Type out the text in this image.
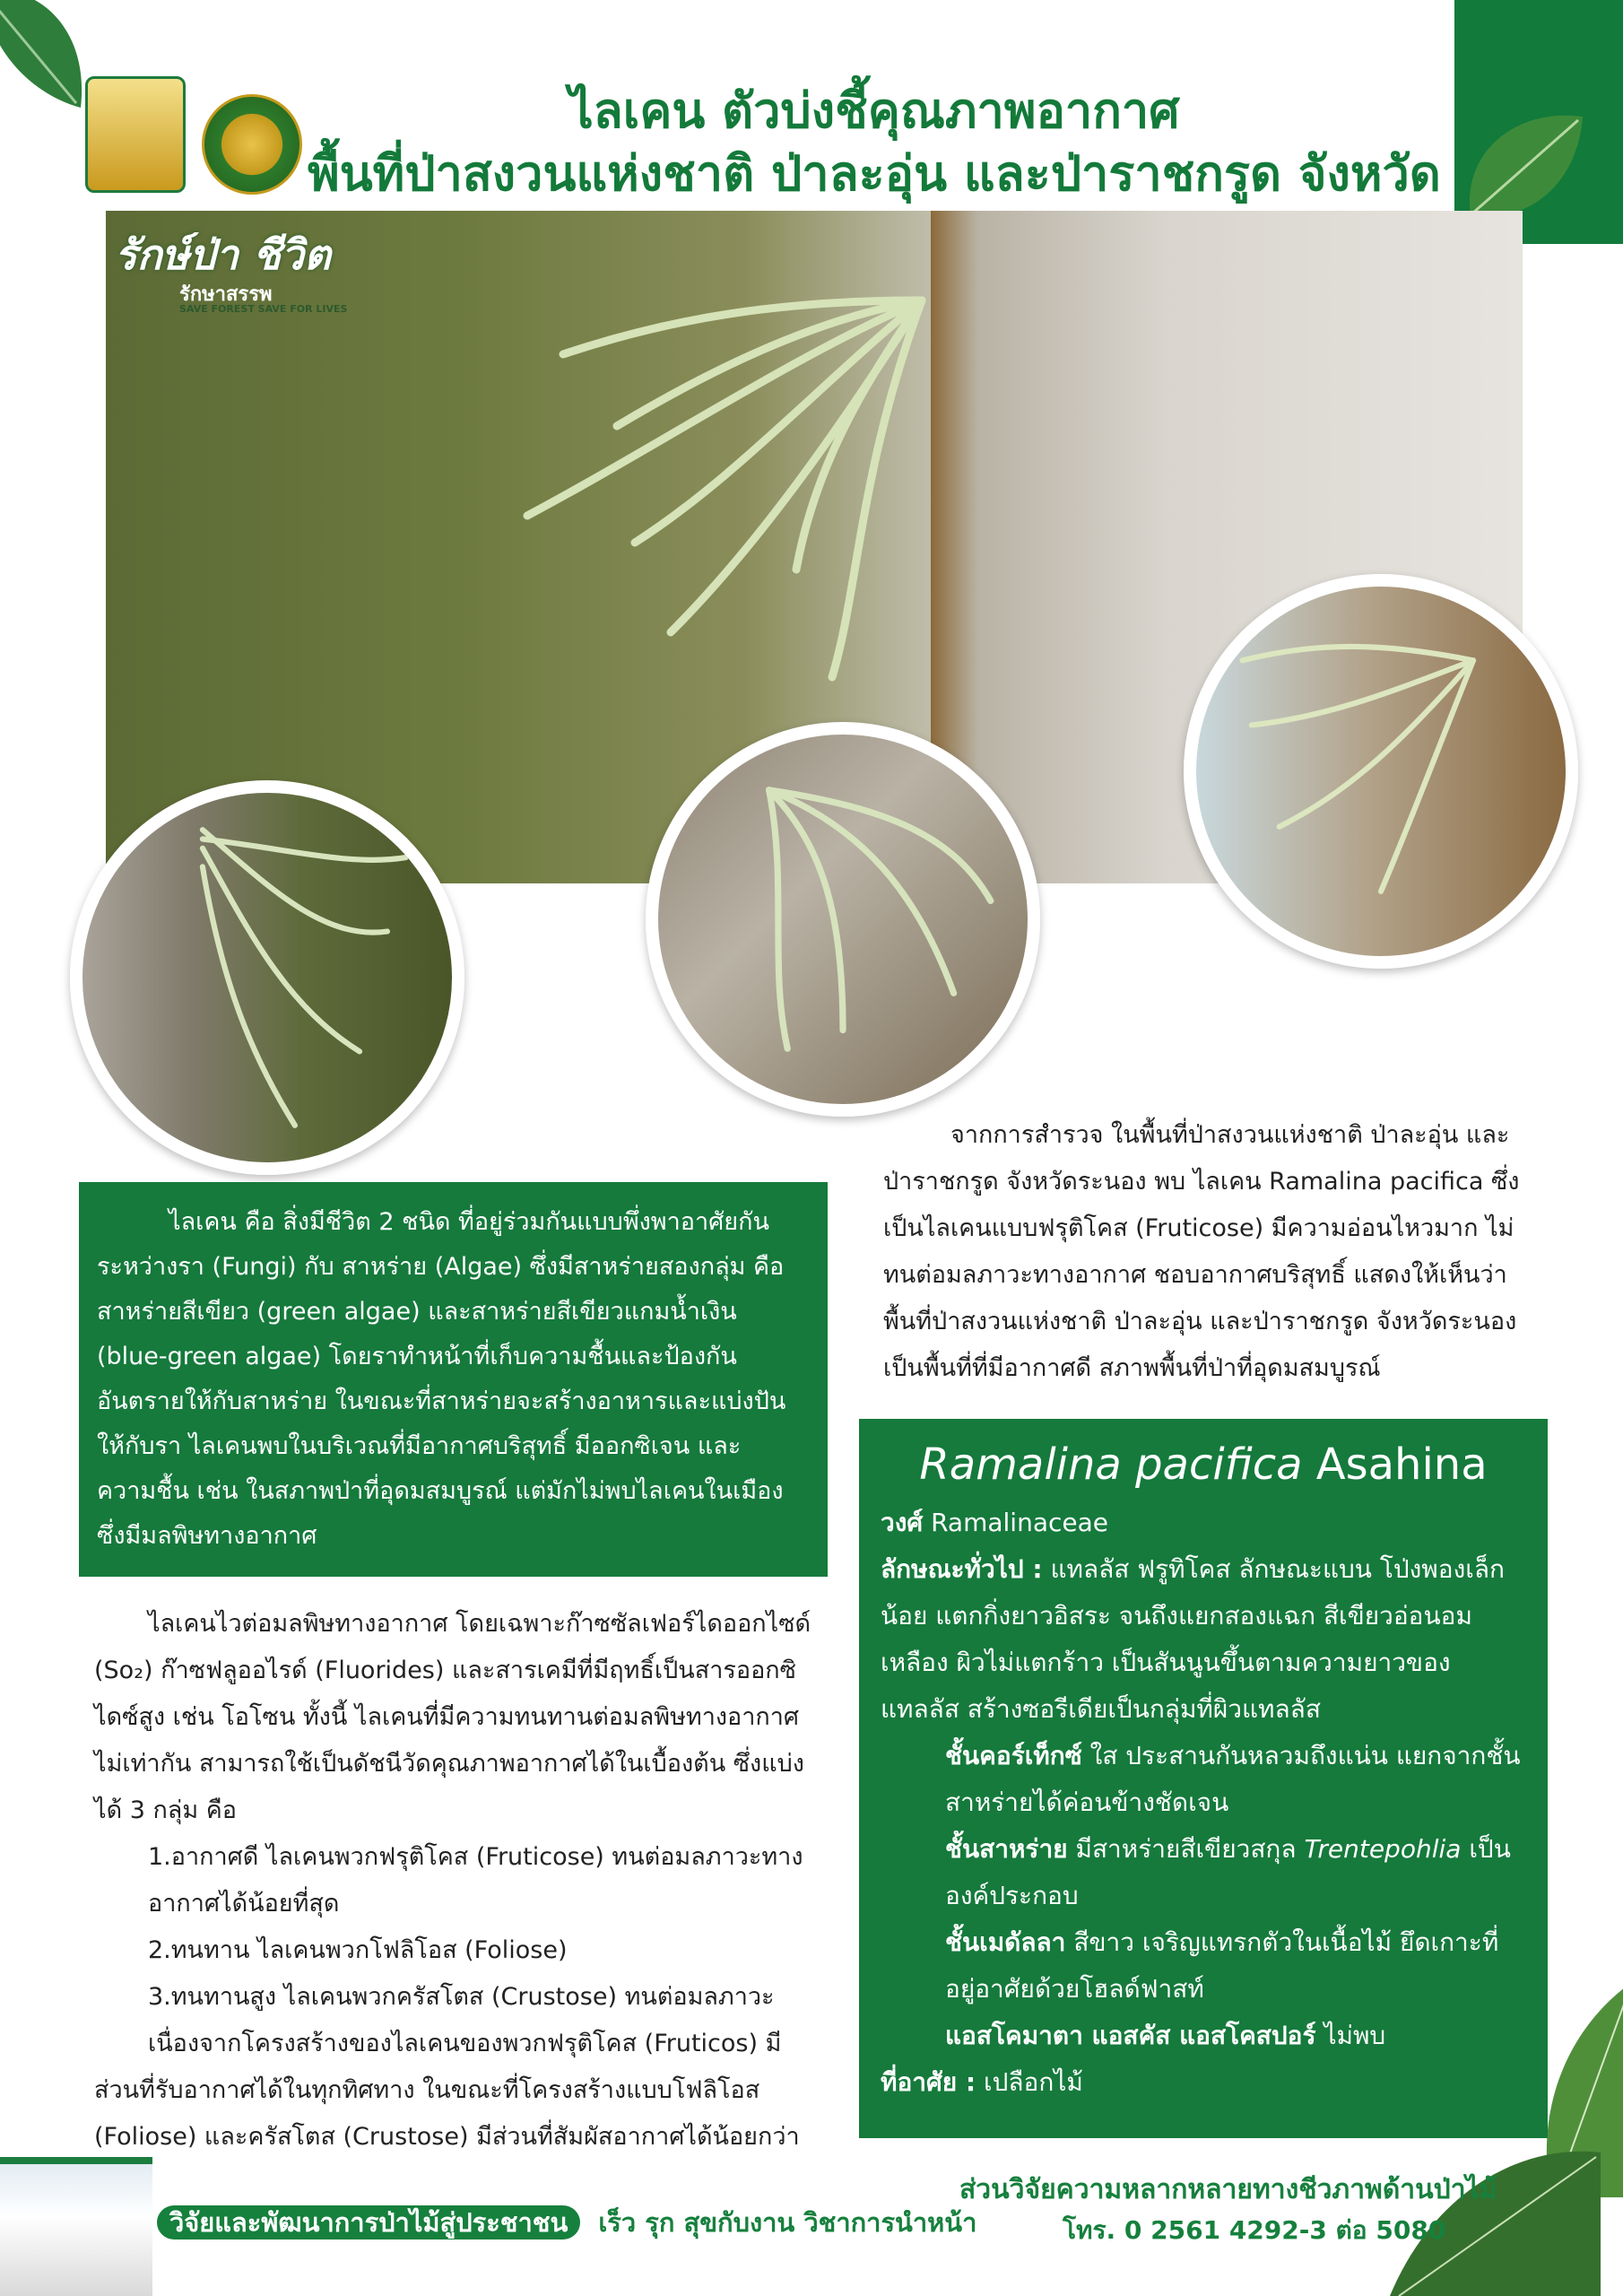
ไลเคน ตัวบ่งชี้คุณภาพอากาศ
พื้นที่ป่าสงวนแห่งชาติ ป่าละอุ่น และป่าราชกรูด จังหวัด
รักษ์ป่า ชีวิต
รักษาสรรพ
SAVE FOREST SAVE FOR LIVES
จากการสำรวจ ในพื้นที่ป่าสงวนแห่งชาติ ป่าละอุ่น และป่าราชกรูด จังหวัดระนอง พบ ไลเคน Ramalina pacifica ซึ่งเป็นไลเคนแบบฟรุติโคส (Fruticose) มีความอ่อนไหวมาก ไม่ทนต่อมลภาวะทางอากาศ ชอบอากาศบริสุทธิ์ แสดงให้เห็นว่าพื้นที่ป่าสงวนแห่งชาติ ป่าละอุ่น และป่าราชกรูด จังหวัดระนอง เป็นพื้นที่ที่มีอากาศดี สภาพพื้นที่ป่าที่อุดมสมบูรณ์

ไลเคน คือ สิ่งมีชีวิต 2 ชนิด ที่อยู่ร่วมกันแบบพึ่งพาอาศัยกัน ระหว่างรา (Fungi) กับ สาหร่าย (Algae) ซึ่งมีสาหร่ายสองกลุ่ม คือ สาหร่ายสีเขียว (green algae) และสาหร่ายสีเขียวแกมน้ำเงิน (blue-green algae) โดยราทำหน้าที่เก็บความชื้นและป้องกันอันตรายให้กับสาหร่าย ในขณะที่สาหร่ายจะสร้างอาหารและแบ่งปันให้กับรา ไลเคนพบในบริเวณที่มีอากาศบริสุทธิ์ มีออกซิเจน และความชื้น เช่น ในสภาพป่าที่อุดมสมบูรณ์ แต่มักไม่พบไลเคนในเมือง ซึ่งมีมลพิษทางอากาศ

ไลเคนไวต่อมลพิษทางอากาศ โดยเฉพาะก๊าซซัลเฟอร์ไดออกไซด์ (So₂) ก๊าซฟลูออไรด์ (Fluorides) และสารเคมีที่มีฤทธิ์เป็นสารออกซิไดซ์สูง เช่น โอโซน ทั้งนี้ ไลเคนที่มีความทนทานต่อมลพิษทางอากาศไม่เท่ากัน สามารถใช้เป็นดัชนีวัดคุณภาพอากาศได้ในเบื้องต้น ซึ่งแบ่งได้ 3 กลุ่ม คือ

1.อากาศดี ไลเคนพวกฟรุติโคส (Fruticose) ทนต่อมลภาวะทางอากาศได้น้อยที่สุด

2.ทนทาน ไลเคนพวกโฟลิโอส (Foliose)

3.ทนทานสูง ไลเคนพวกครัสโตส (Crustose) ทนต่อมลภาวะ

เนื่องจากโครงสร้างของไลเคนของพวกฟรุติโคส (Fruticos) มีส่วนที่รับอากาศได้ในทุกทิศทาง ในขณะที่โครงสร้างแบบโฟลิโอส (Foliose) และครัสโตส (Crustose) มีส่วนที่สัมผัสอากาศได้น้อยกว่า

Ramalina pacifica Asahina
วงศ์ Ramalinaceae
ลักษณะทั่วไป : แทลลัส ฟรูทิโคส ลักษณะแบน โป่งพองเล็กน้อย แตกกิ่งยาวอิสระ จนถึงแยกสองแฉก สีเขียวอ่อนอมเหลือง ผิวไม่แตกร้าว เป็นสันนูนขึ้นตามความยาวของแทลลัส สร้างซอรีเดียเป็นกลุ่มที่ผิวแทลลัส
ชั้นคอร์เท็กซ์ ใส ประสานกันหลวมถึงแน่น แยกจากชั้นสาหร่ายได้ค่อนข้างชัดเจน
ชั้นสาหร่าย มีสาหร่ายสีเขียวสกุล Trentepohlia เป็นองค์ประกอบ
ชั้นเมดัลลา สีขาว เจริญแทรกตัวในเนื้อไม้ ยึดเกาะที่อยู่อาศัยด้วยโฮลด์ฟาสท์
แอสโคมาตา แอสคัส แอสโคสปอร์ ไม่พบ
ที่อาศัย : เปลือกไม้
วิจัยและพัฒนาการป่าไม้สู่ประชาชน เร็ว รุก สุขกับงาน วิชาการนำหน้า
ส่วนวิจัยความหลากหลายทางชีวภาพด้านป่าไม้
โทร. 0 2561 4292-3 ต่อ 5080
